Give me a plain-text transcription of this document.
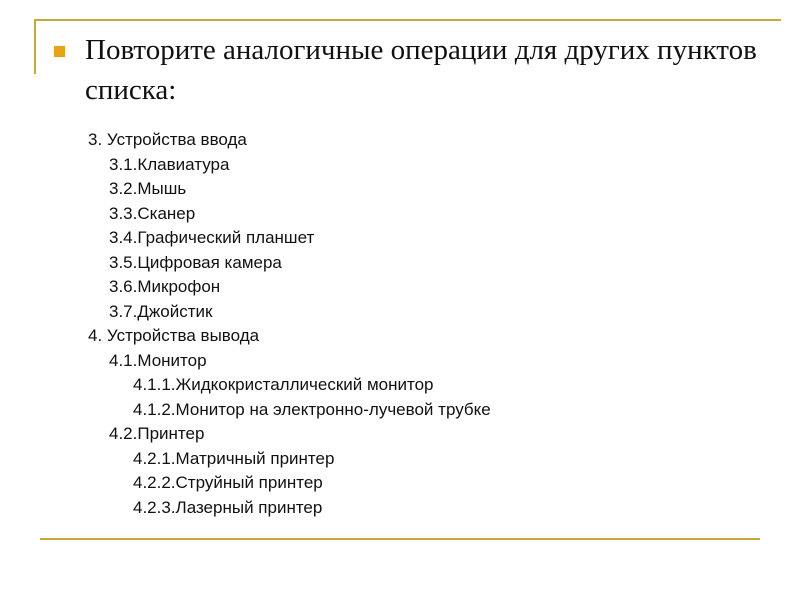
Повторите аналогичные операции для других пунктов списка:
3. Устройства ввода
3.1.Клавиатура
3.2.Мышь
3.3.Сканер
3.4.Графический планшет
3.5.Цифровая камера
3.6.Микрофон
3.7.Джойстик
4. Устройства вывода
4.1.Монитор
4.1.1.Жидкокристаллический монитор
4.1.2.Монитор на электронно-лучевой трубке
4.2.Принтер
4.2.1.Матричный принтер
4.2.2.Струйный принтер
4.2.3.Лазерный принтер
